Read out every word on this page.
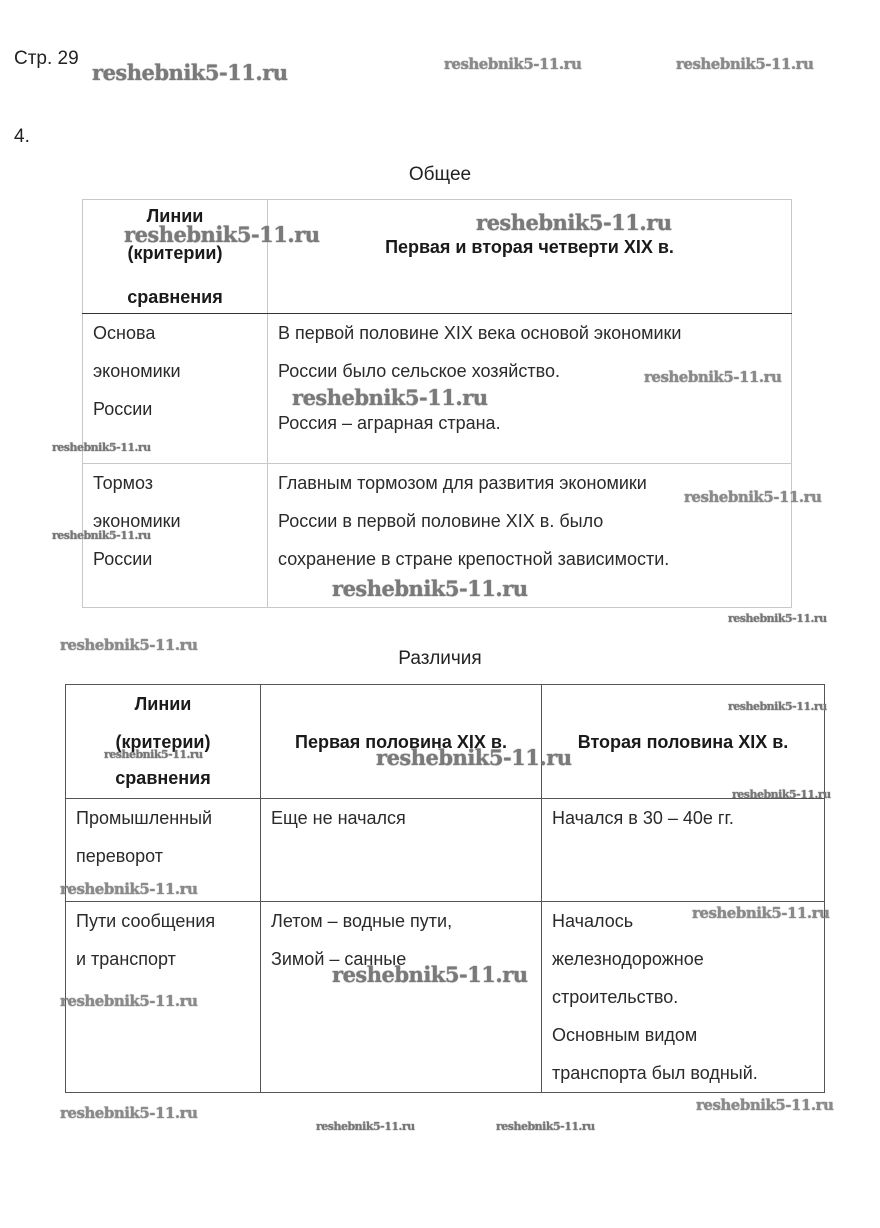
Стр. 29
4.
Общее
Линии
(критерии)
сравнения	Первая и вторая четверти XIX в.

Основа
экономики
России	В первой половине XIX века основой экономики
России было сельское хозяйство.
Россия – аграрная страна.

Тормоз
экономики
России	Главным тормозом для развития экономики
России в первой половине XIX в. было
сохранение в стране крепостной зависимости.
Различия
Линии
(критерии)
сравнения	Первая половина XIX в.	Вторая половина XIX в.

Промышленный
переворот	Еще не начался	Начался в 30 – 40е гг.

Пути сообщения
и транспорт	Летом – водные пути,
Зимой – санные	Началось
железнодорожное
строительство.
Основным видом
транспорта был водный.
reshebnik5-11.ru	reshebnik5-11.ru	reshebnik5-11.ru
reshebnik5-11.ru	reshebnik5-11.ru
reshebnik5-11.ru
reshebnik5-11.ru
reshebnik5-11.ru
reshebnik5-11.ru
reshebnik5-11.ru
reshebnik5-11.ru
reshebnik5-11.ru
reshebnik5-11.ru
reshebnik5-11.ru
reshebnik5-11.ru	reshebnik5-11.ru
reshebnik5-11.ru
reshebnik5-11.ru
reshebnik5-11.ru
reshebnik5-11.ru
reshebnik5-11.ru
reshebnik5-11.ru
reshebnik5-11.ru
reshebnik5-11.ru	reshebnik5-11.ru
